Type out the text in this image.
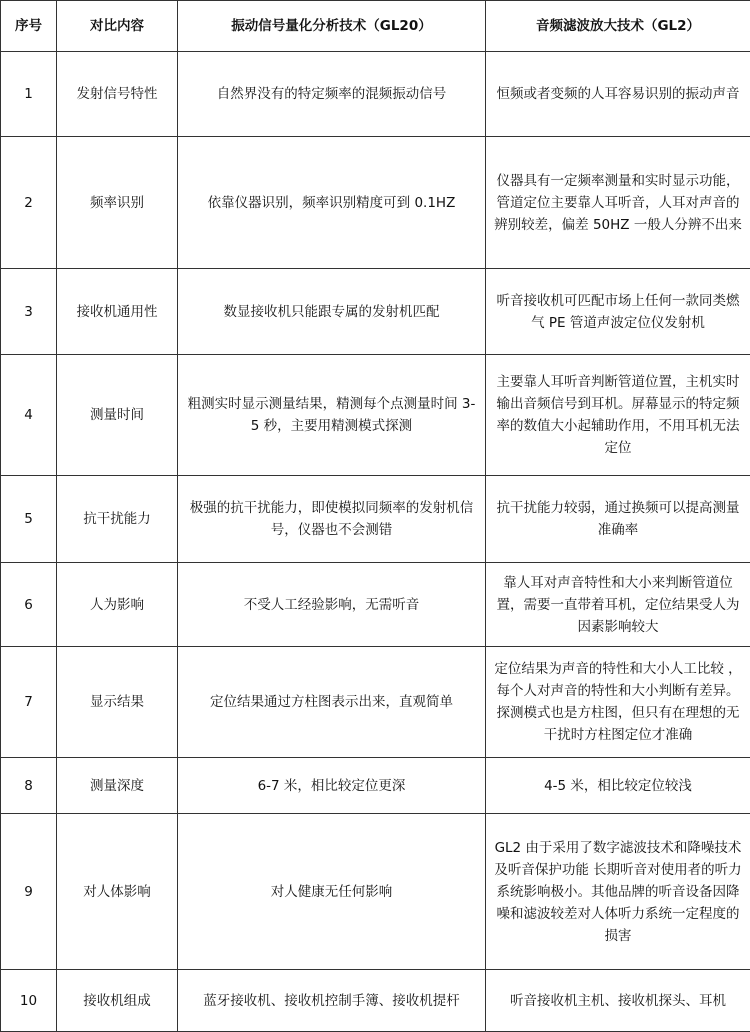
序号	对比内容	振动信号量化分析技术（GL20）	音频滤波放大技术（GL2）
1	发射信号特性	自然界没有的特定频率的混频振动信号	恒频或者变频的人耳容易识别的振动声音
2	频率识别	依靠仪器识别，频率识别精度可到 0.1HZ	仪器具有一定频率测量和实时显示功能，管道定位主要靠人耳听音，人耳对声音的辨别较差，偏差 50HZ 一般人分辨不出来
3	接收机通用性	数显接收机只能跟专属的发射机匹配	听音接收机可匹配市场上任何一款同类燃气 PE 管道声波定位仪发射机
4	测量时间	粗测实时显示测量结果，精测每个点测量时间 3-5 秒，主要用精测模式探测	主要靠人耳听音判断管道位置，主机实时输出音频信号到耳机。屏幕显示的特定频率的数值大小起辅助作用，不用耳机无法定位
5	抗干扰能力	极强的抗干扰能力，即使模拟同频率的发射机信号，仪器也不会测错	抗干扰能力较弱，通过换频可以提高测量准确率
6	人为影响	不受人工经验影响，无需听音	靠人耳对声音特性和大小来判断管道位置，需要一直带着耳机，定位结果受人为因素影响较大
7	显示结果	定位结果通过方柱图表示出来，直观简单	定位结果为声音的特性和大小人工比较 ，每个人对声音的特性和大小判断有差异。探测模式也是方柱图，但只有在理想的无干扰时方柱图定位才准确
8	测量深度	6-7 米，相比较定位更深	4-5 米，相比较定位较浅
9	对人体影响	对人健康无任何影响	GL2 由于采用了数字滤波技术和降噪技术及听音保护功能 长期听音对使用者的听力系统影响极小。其他品牌的听音设备因降噪和滤波较差对人体听力系统一定程度的损害
10	接收机组成	蓝牙接收机、接收机控制手簿、接收机提杆	听音接收机主机、接收机探头、耳机
